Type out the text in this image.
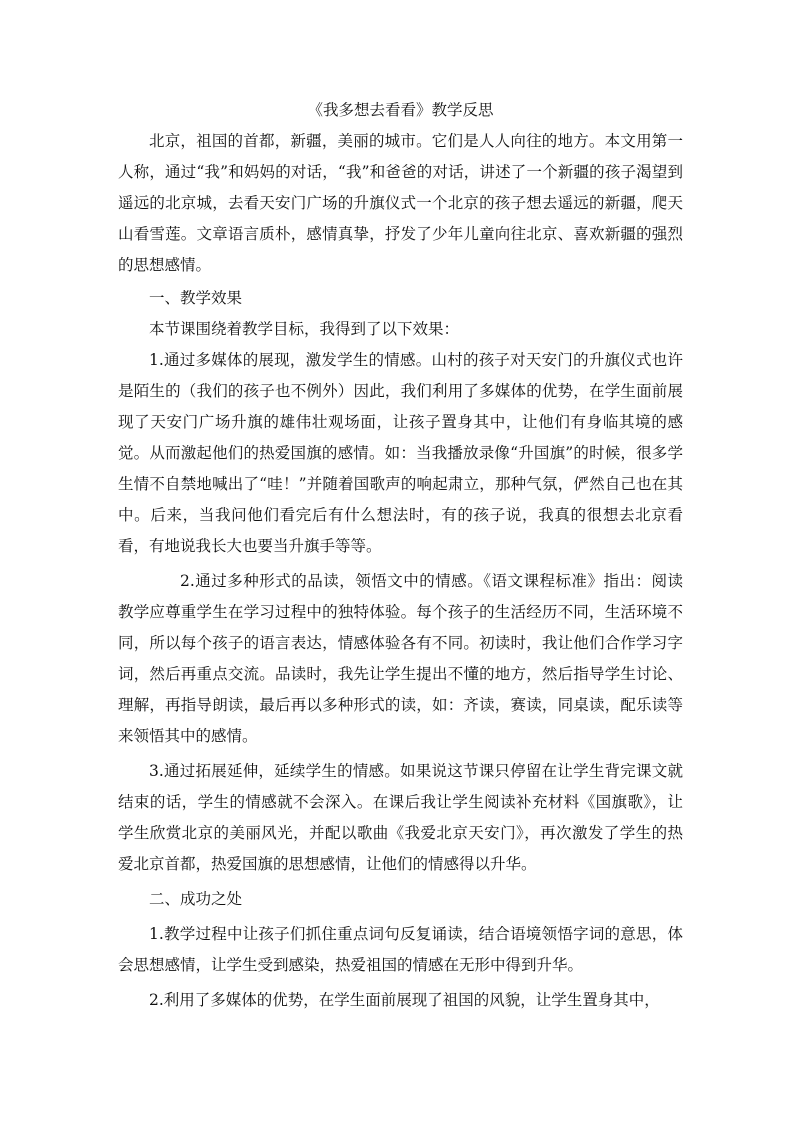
《我多想去看看》教学反思

北京，祖国的首都，新疆，美丽的城市。它们是人人向往的地方。本文用第一人称，通过“我”和妈妈的对话，“我”和爸爸的对话，讲述了一个新疆的孩子渴望到遥远的北京城，去看天安门广场的升旗仪式一个北京的孩子想去遥远的新疆，爬天山看雪莲。文章语言质朴，感情真挚，抒发了少年儿童向往北京、喜欢新疆的强烈的思想感情。

一、教学效果

本节课围绕着教学目标，我得到了以下效果：

1.通过多媒体的展现，激发学生的情感。山村的孩子对天安门的升旗仪式也许是陌生的（我们的孩子也不例外）因此，我们利用了多媒体的优势，在学生面前展现了天安门广场升旗的雄伟壮观场面，让孩子置身其中，让他们有身临其境的感觉。从而激起他们的热爱国旗的感情。如：当我播放录像“升国旗”的时候，很多学生情不自禁地喊出了“哇！”并随着国歌声的响起肃立，那种气氛，俨然自己也在其中。后来，当我问他们看完后有什么想法时，有的孩子说，我真的很想去北京看看，有地说我长大也要当升旗手等等。

2.通过多种形式的品读，领悟文中的情感。《语文课程标准》指出：阅读教学应尊重学生在学习过程中的独特体验。每个孩子的生活经历不同，生活环境不同，所以每个孩子的语言表达，情感体验各有不同。初读时，我让他们合作学习字词，然后再重点交流。品读时，我先让学生提出不懂的地方，然后指导学生讨论、理解，再指导朗读，最后再以多种形式的读，如：齐读，赛读，同桌读，配乐读等来领悟其中的感情。

3.通过拓展延伸，延续学生的情感。如果说这节课只停留在让学生背完课文就结束的话，学生的情感就不会深入。在课后我让学生阅读补充材料《国旗歌》，让学生欣赏北京的美丽风光，并配以歌曲《我爱北京天安门》，再次激发了学生的热爱北京首都，热爱国旗的思想感情，让他们的情感得以升华。

二、成功之处

1.教学过程中让孩子们抓住重点词句反复诵读，结合语境领悟字词的意思，体会思想感情，让学生受到感染，热爱祖国的情感在无形中得到升华。

2.利用了多媒体的优势，在学生面前展现了祖国的风貌，让学生置身其中，
